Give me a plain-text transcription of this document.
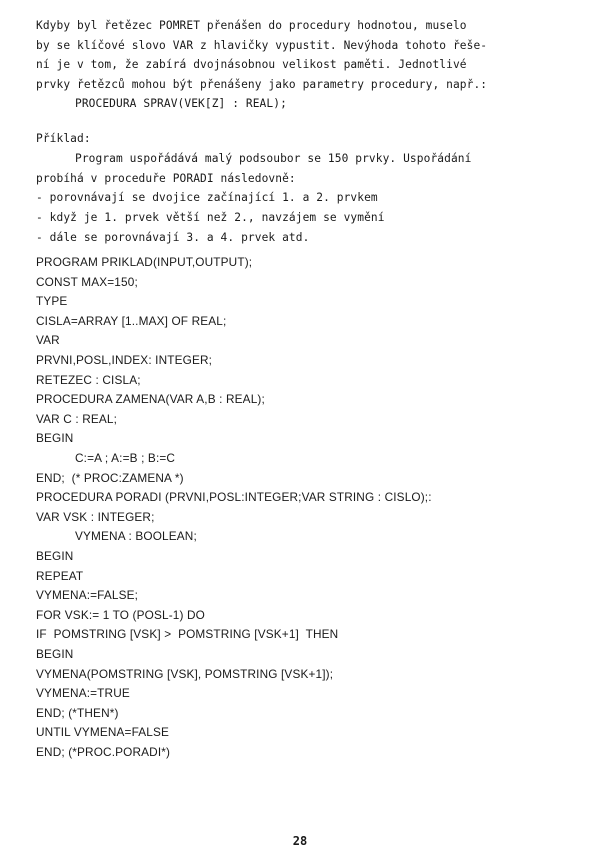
Kdyby byl řetězec POMRET přenášen do procedury hodnotou, muselo
by se klíčové slovo VAR z hlavičky vypustit. Nevýhoda tohoto řeše-
ní je v tom, že zabírá dvojnásobnou velikost paměti. Jednotlivé
prvky řetězců mohou být přenášeny jako parametry procedury, např.:
PROCEDURA SPRAV(VEK[Z] : REAL);
Příklad:
Program uspořádává malý podsoubor se 150 prvky. Uspořádání
probíhá v proceduře PORADI následovně:
- porovnávají se dvojice začínající 1. a 2. prvkem
- když je 1. prvek větší než 2., navzájem se vymění
- dále se porovnávají 3. a 4. prvek atd.
PROGRAM PRIKLAD(INPUT,OUTPUT);
CONST MAX=150;
TYPE
CISLA=ARRAY [1..MAX] OF REAL;
VAR
PRVNI,POSL,INDEX: INTEGER;
RETEZEC : CISLA;
PROCEDURA ZAMENA(VAR A,B : REAL);
VAR C : REAL;
BEGIN
C:=A ; A:=B ; B:=C
END;  (* PROC:ZAMENA *)
PROCEDURA PORADI (PRVNI,POSL:INTEGER;VAR STRING : CISLO);:
VAR VSK : INTEGER;
VYMENA : BOOLEAN;
BEGIN
REPEAT
VYMENA:=FALSE;
FOR VSK:= 1 TO (POSL-1) DO
IF  POMSTRING [VSK] >  POMSTRING [VSK+1]  THEN
BEGIN
VYMENA(POMSTRING [VSK], POMSTRING [VSK+1]);
VYMENA:=TRUE
END; (*THEN*)
UNTIL VYMENA=FALSE
END; (*PROC.PORADI*)
28
